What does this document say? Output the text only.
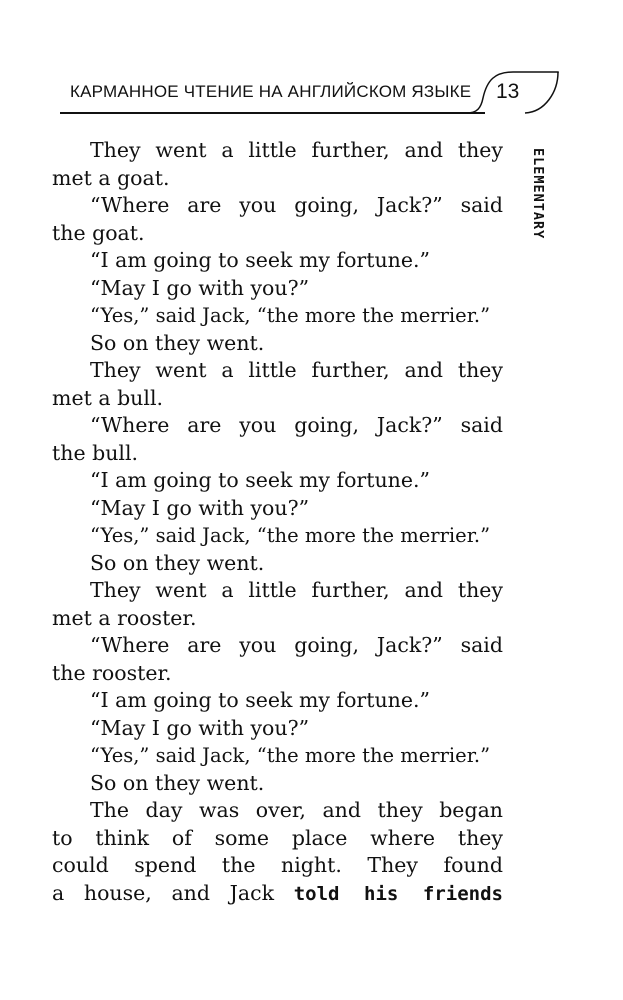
КАРМАННОЕ ЧТЕНИЕ НА АНГЛИЙСКОМ ЯЗЫКЕ 13
ELEMENTARY
They went a little further, and they
met a goat.
“Where are you going, Jack?” said
the goat.
“I am going to seek my fortune.”
“May I go with you?”
“Yes,” said Jack, “the more the merrier.”
So on they went.
They went a little further, and they
met a bull.
“Where are you going, Jack?” said
the bull.
“I am going to seek my fortune.”
“May I go with you?”
“Yes,” said Jack, “the more the merrier.”
So on they went.
They went a little further, and they
met a rooster.
“Where are you going, Jack?” said
the rooster.
“I am going to seek my fortune.”
“May I go with you?”
“Yes,” said Jack, “the more the merrier.”
So on they went.
The day was over, and they began
to think of some place where they
could spend the night. They found
a house, and Jack told his friends
